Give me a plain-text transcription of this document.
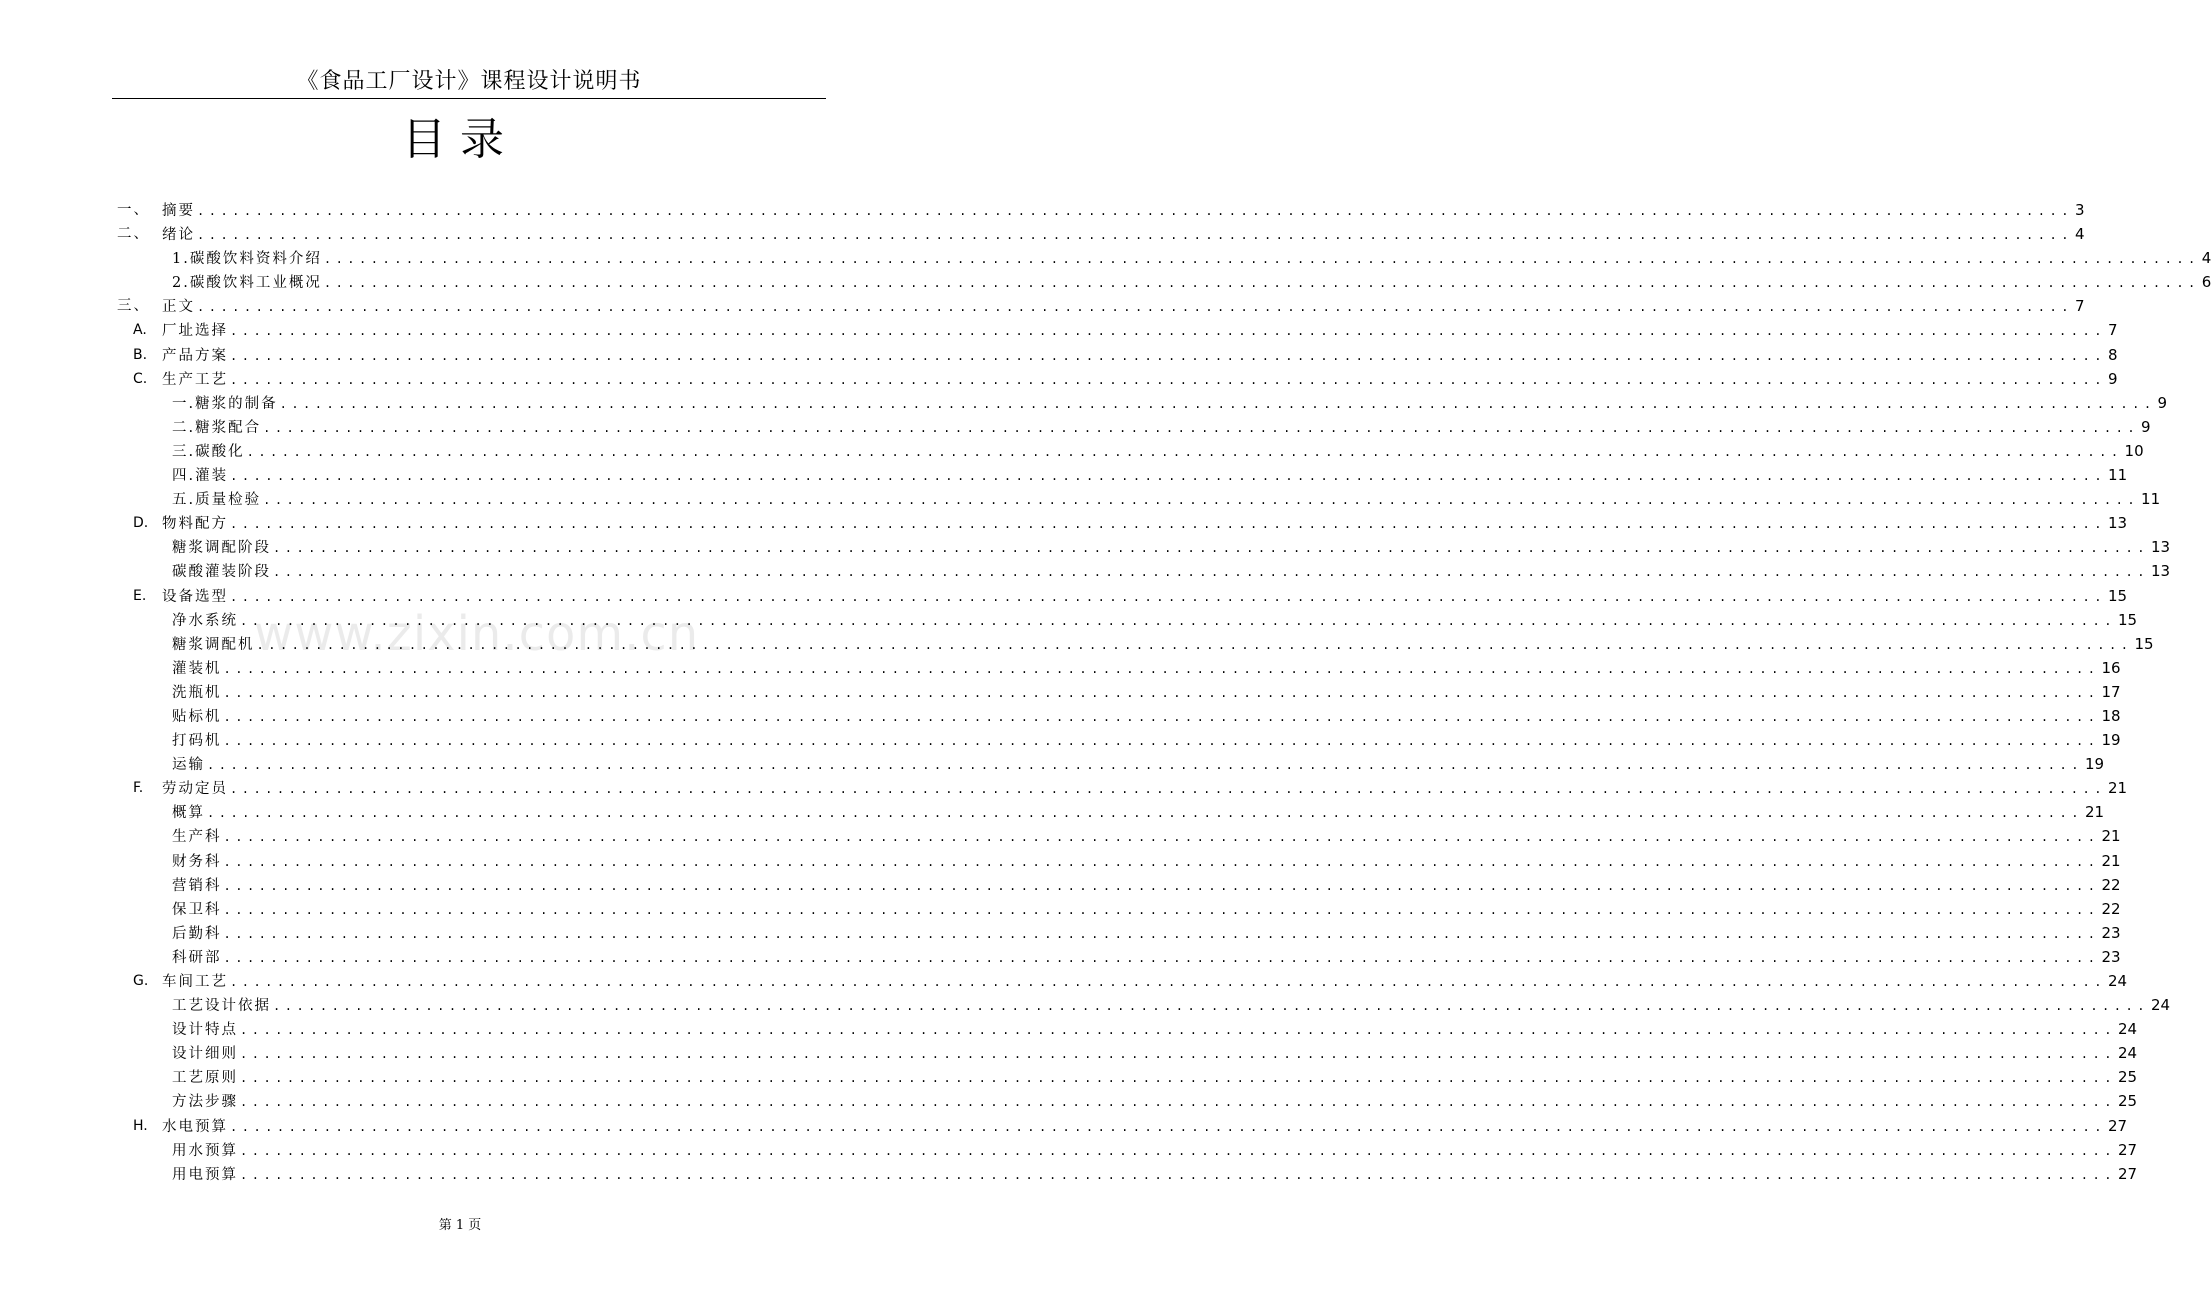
《食品工厂设计》课程设计说明书
目录
www.zixin.com.cn
一、 摘要 ................................................................................................................................................................ 3
二、 绪论 ................................................................................................................................................................ 4
1.碳酸饮料资料介绍 ................................................................................................................................................................ 4
2.碳酸饮料工业概况 ................................................................................................................................................................ 6
三、 正文 ................................................................................................................................................................ 7
A. 厂址选择 ................................................................................................................................................................ 7
B. 产品方案 ................................................................................................................................................................ 8
C. 生产工艺 ................................................................................................................................................................ 9
一.糖浆的制备 ................................................................................................................................................................ 9
二.糖浆配合 ................................................................................................................................................................ 9
三.碳酸化 ................................................................................................................................................................ 10
四.灌装 ................................................................................................................................................................ 11
五.质量检验 ................................................................................................................................................................ 11
D. 物料配方 ................................................................................................................................................................ 13
糖浆调配阶段 ................................................................................................................................................................ 13
碳酸灌装阶段 ................................................................................................................................................................ 13
E. 设备选型 ................................................................................................................................................................ 15
净水系统 ................................................................................................................................................................ 15
糖浆调配机 ................................................................................................................................................................ 15
灌装机 ................................................................................................................................................................ 16
洗瓶机 ................................................................................................................................................................ 17
贴标机 ................................................................................................................................................................ 18
打码机 ................................................................................................................................................................ 19
运输 ................................................................................................................................................................ 19
F. 劳动定员 ................................................................................................................................................................ 21
概算 ................................................................................................................................................................ 21
生产科 ................................................................................................................................................................ 21
财务科 ................................................................................................................................................................ 21
营销科 ................................................................................................................................................................ 22
保卫科 ................................................................................................................................................................ 22
后勤科 ................................................................................................................................................................ 23
科研部 ................................................................................................................................................................ 23
G. 车间工艺 ................................................................................................................................................................ 24
工艺设计依据 ................................................................................................................................................................ 24
设计特点 ................................................................................................................................................................ 24
设计细则 ................................................................................................................................................................ 24
工艺原则 ................................................................................................................................................................ 25
方法步骤 ................................................................................................................................................................ 25
H. 水电预算 ................................................................................................................................................................ 27
用水预算 ................................................................................................................................................................ 27
用电预算 ................................................................................................................................................................ 27
第 1 页
